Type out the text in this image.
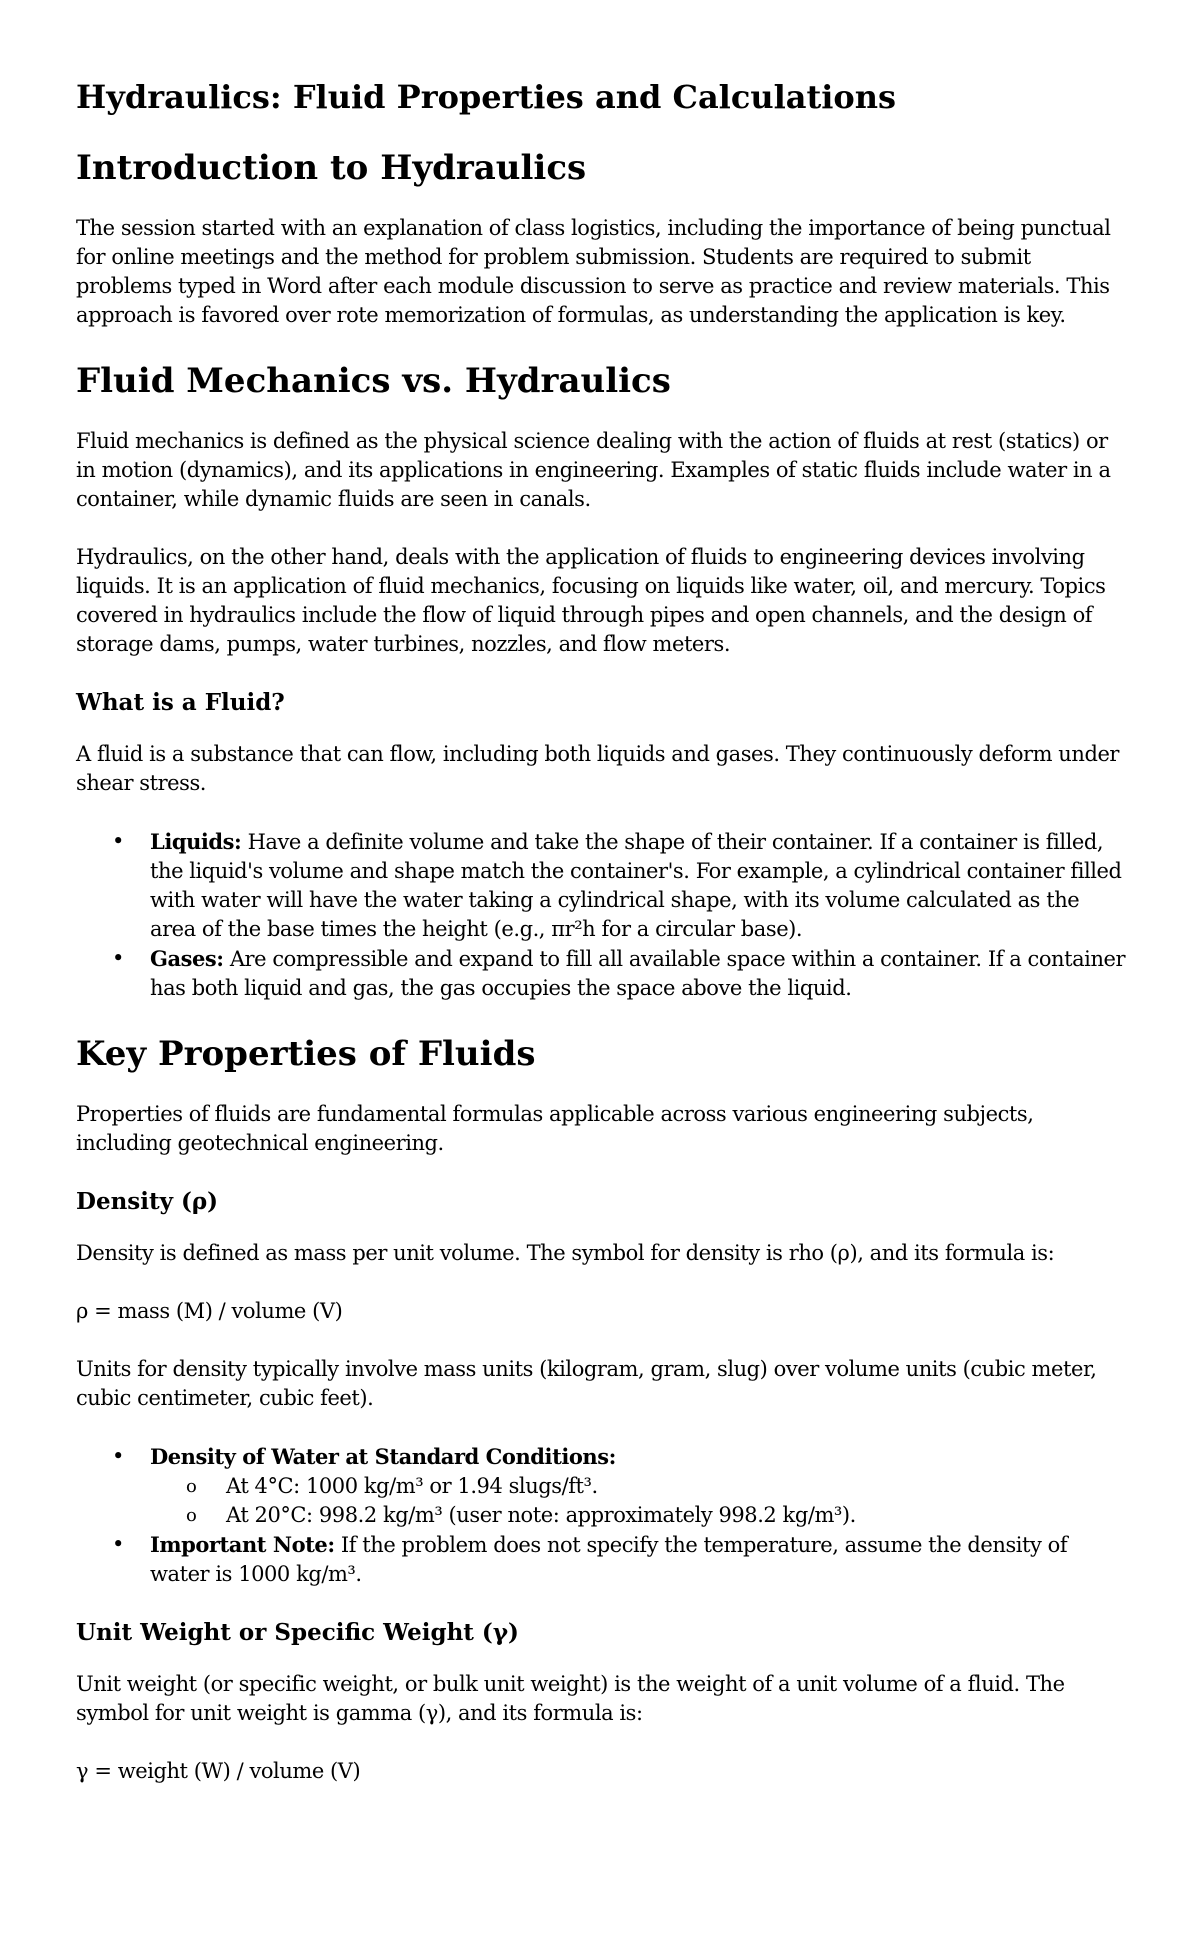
Hydraulics: Fluid Properties and Calculations
Introduction to Hydraulics

The session started with an explanation of class logistics, including the importance of being punctual for online meetings and the method for problem submission. Students are required to submit problems typed in Word after each module discussion to serve as practice and review materials. This approach is favored over rote memorization of formulas, as understanding the application is key.

Fluid Mechanics vs. Hydraulics

Fluid mechanics is defined as the physical science dealing with the action of fluids at rest (statics) or in motion (dynamics), and its applications in engineering. Examples of static fluids include water in a container, while dynamic fluids are seen in canals.

Hydraulics, on the other hand, deals with the application of fluids to engineering devices involving liquids. It is an application of fluid mechanics, focusing on liquids like water, oil, and mercury. Topics covered in hydraulics include the flow of liquid through pipes and open channels, and the design of storage dams, pumps, water turbines, nozzles, and flow meters.

What is a Fluid?

A fluid is a substance that can flow, including both liquids and gases. They continuously deform under shear stress.

• Liquids: Have a definite volume and take the shape of their container. If a container is filled, the liquid's volume and shape match the container's. For example, a cylindrical container filled with water will have the water taking a cylindrical shape, with its volume calculated as the area of the base times the height (e.g., πr²h for a circular base).
• Gases: Are compressible and expand to fill all available space within a container. If a container has both liquid and gas, the gas occupies the space above the liquid.
Key Properties of Fluids

Properties of fluids are fundamental formulas applicable across various engineering subjects, including geotechnical engineering.

Density (ρ)

Density is defined as mass per unit volume. The symbol for density is rho (ρ), and its formula is:

ρ = mass (M) / volume (V)

Units for density typically involve mass units (kilogram, gram, slug) over volume units (cubic meter, cubic centimeter, cubic feet).

• Density of Water at Standard Conditions:
o At 4°C: 1000 kg/m³ or 1.94 slugs/ft³.
o At 20°C: 998.2 kg/m³ (user note: approximately 998.2 kg/m³).
• Important Note: If the problem does not specify the temperature, assume the density of water is 1000 kg/m³.
Unit Weight or Specific Weight (γ)

Unit weight (or specific weight, or bulk unit weight) is the weight of a unit volume of a fluid. The symbol for unit weight is gamma (γ), and its formula is:

γ = weight (W) / volume (V)
